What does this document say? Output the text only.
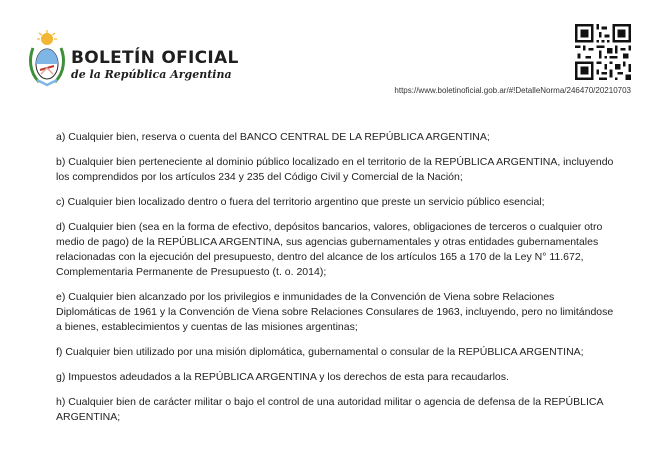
BOLETÍN OFICIAL
de la República Argentina
https://www.boletinoficial.gob.ar/#!DetalleNorma/246470/20210703

a) Cualquier bien, reserva o cuenta del BANCO CENTRAL DE LA REPÚBLICA ARGENTINA;

b) Cualquier bien perteneciente al dominio público localizado en el territorio de la REPÚBLICA ARGENTINA, incluyendo los comprendidos por los artículos 234 y 235 del Código Civil y Comercial de la Nación;

c) Cualquier bien localizado dentro o fuera del territorio argentino que preste un servicio público esencial;

d) Cualquier bien (sea en la forma de efectivo, depósitos bancarios, valores, obligaciones de terceros o cualquier otro medio de pago) de la REPÚBLICA ARGENTINA, sus agencias gubernamentales y otras entidades gubernamentales relacionadas con la ejecución del presupuesto, dentro del alcance de los artículos 165 a 170 de la Ley N° 11.672, Complementaria Permanente de Presupuesto (t. o. 2014);

e) Cualquier bien alcanzado por los privilegios e inmunidades de la Convención de Viena sobre Relaciones Diplomáticas de 1961 y la Convención de Viena sobre Relaciones Consulares de 1963, incluyendo, pero no limitándose a bienes, establecimientos y cuentas de las misiones argentinas;

f) Cualquier bien utilizado por una misión diplomática, gubernamental o consular de la REPÚBLICA ARGENTINA;

g) Impuestos adeudados a la REPÚBLICA ARGENTINA y los derechos de esta para recaudarlos.

h) Cualquier bien de carácter militar o bajo el control de una autoridad militar o agencia de defensa de la REPÚBLICA ARGENTINA;
